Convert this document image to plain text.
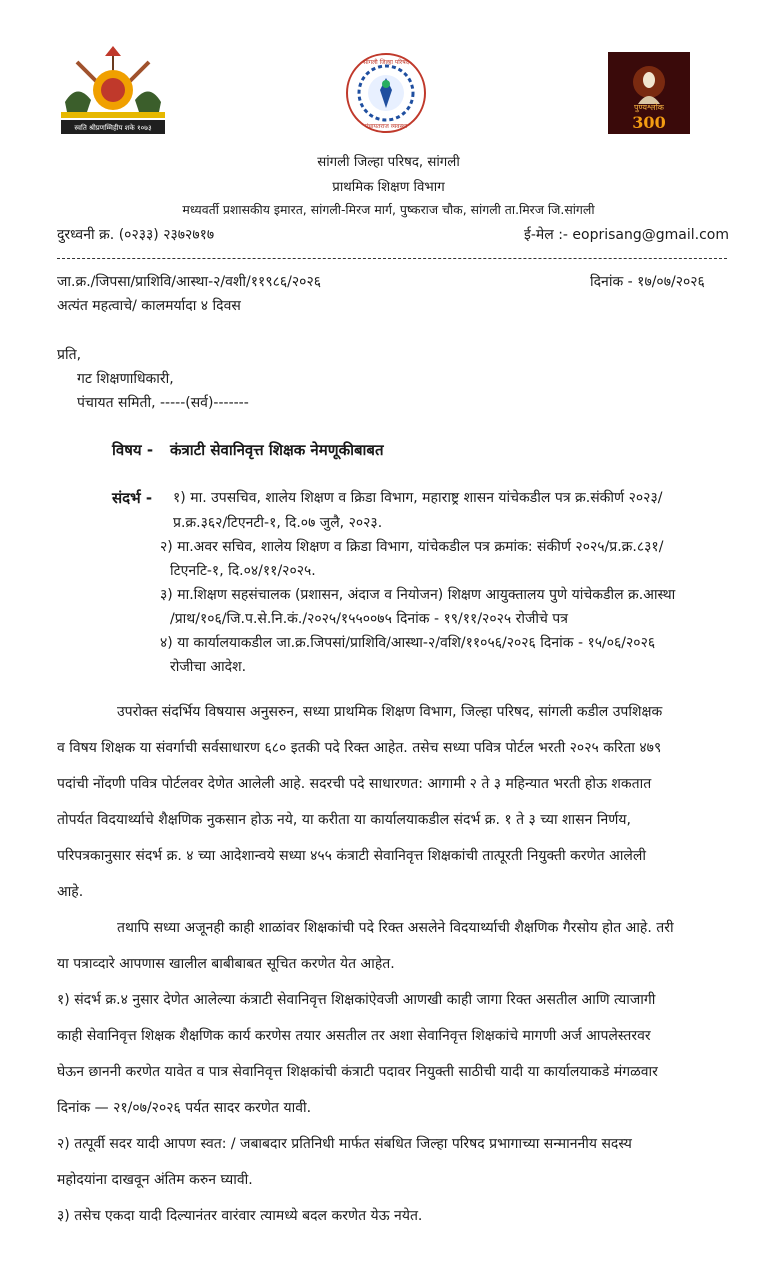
स्वति श्रीप्रणम्मिहीप शके १०७३
सांगली जिल्हा परिषद
पंचायतराज व्यवस्था
पुण्यश्लोक
300
सांगली जिल्हा परिषद, सांगली
प्राथमिक शिक्षण विभाग
मध्यवर्ती प्रशासकीय इमारत, सांगली-मिरज मार्ग, पुष्कराज चौक, सांगली ता.मिरज जि.सांगली
दुरध्वनी क्र. (०२३३) २३७२७१७	ई-मेल :- eoprisang@gmail.com
जा.क्र./जिपसा/प्राशिवि/आस्था-२/वशी/११९८६/२०२६	दिनांक - १७/०७/२०२६
अत्यंत महत्वाचे/ कालमर्यादा ४ दिवस
प्रति,
गट शिक्षणाधिकारी,
पंचायत समिती, -----(सर्व)-------
विषय - कंत्राटी सेवानिवृत्त शिक्षक नेमणूकीबाबत
संदर्भ - १) मा. उपसचिव, शालेय शिक्षण व क्रिडा विभाग, महाराष्ट्र शासन यांचेकडील पत्र क्र.संकीर्ण २०२३/
प्र.क्र.३६२/टिएनटी-१, दि.०७ जुलै, २०२३.
२) मा.अवर सचिव, शालेय शिक्षण व क्रिडा विभाग, यांचेकडील पत्र क्रमांक: संकीर्ण २०२५/प्र.क्र.८३१/
टिएनटि-१, दि.०४/११/२०२५.
३) मा.शिक्षण सहसंचालक (प्रशासन, अंदाज व नियोजन) शिक्षण आयुक्तालय पुणे यांचेकडील क्र.आस्था
/प्राथ/१०६/जि.प.से.नि.कं./२०२५/१५५००७५ दिनांक - १९/११/२०२५ रोजीचे पत्र
४) या कार्यालयाकडील जा.क्र.जिपसां/प्राशिवि/आस्था-२/वशि/११०५६/२०२६ दिनांक - १५/०६/२०२६
रोजीचा आदेश.
उपरोक्त संदर्भिय विषयास अनुसरुन, सध्या प्राथमिक शिक्षण विभाग, जिल्हा परिषद, सांगली कडील उपशिक्षक
व विषय शिक्षक या संवर्गाची सर्वसाधारण ६८० इतकी पदे रिक्त आहेत. तसेच सध्या पवित्र पोर्टल भरती २०२५ करिता ४७९
पदांची नोंदणी पवित्र पोर्टलवर देणेत आलेली आहे. सदरची पदे साधारणत: आगामी २ ते ३ महिन्यात भरती होऊ शकतात
तोपर्यत विदयार्थ्याचे शैक्षणिक नुकसान होऊ नये, या करीता या कार्यालयाकडील संदर्भ क्र. १ ते ३ च्या शासन निर्णय,
परिपत्रकानुसार संदर्भ क्र. ४ च्या आदेशान्वये सध्या ४५५ कंत्राटी सेवानिवृत्त शिक्षकांची तात्पूरती नियुक्ती करणेत आलेली
आहे.
तथापि सध्या अजूनही काही शाळांवर शिक्षकांची पदे रिक्त असलेने विदयार्थ्याची शैक्षणिक गैरसोय होत आहे. तरी
या पत्राव्दारे आपणास खालील बाबीबाबत सूचित करणेत येत आहेत.
१) संदर्भ क्र.४ नुसार देणेत आलेल्या कंत्राटी सेवानिवृत्त शिक्षकांऐवजी आणखी काही जागा रिक्त असतील आणि त्याजागी
काही सेवानिवृत्त शिक्षक शैक्षणिक कार्य करणेस तयार असतील तर अशा सेवानिवृत्त शिक्षकांचे मागणी अर्ज आपलेस्तरवर
घेऊन छाननी करणेत यावेत व पात्र सेवानिवृत्त शिक्षकांची कंत्राटी पदावर नियुक्ती साठीची यादी या कार्यालयाकडे मंगळवार
दिनांक — २१/०७/२०२६ पर्यत सादर करणेत यावी.
२) तत्पूर्वी सदर यादी आपण स्वत: / जबाबदार प्रतिनिधी मार्फत संबधित जिल्हा परिषद प्रभागाच्या सन्माननीय सदस्य
महोदयांना दाखवून अंतिम करुन घ्यावी.
३) तसेच एकदा यादी दिल्यानंतर वारंवार त्यामध्ये बदल करणेत येऊ नयेत.
